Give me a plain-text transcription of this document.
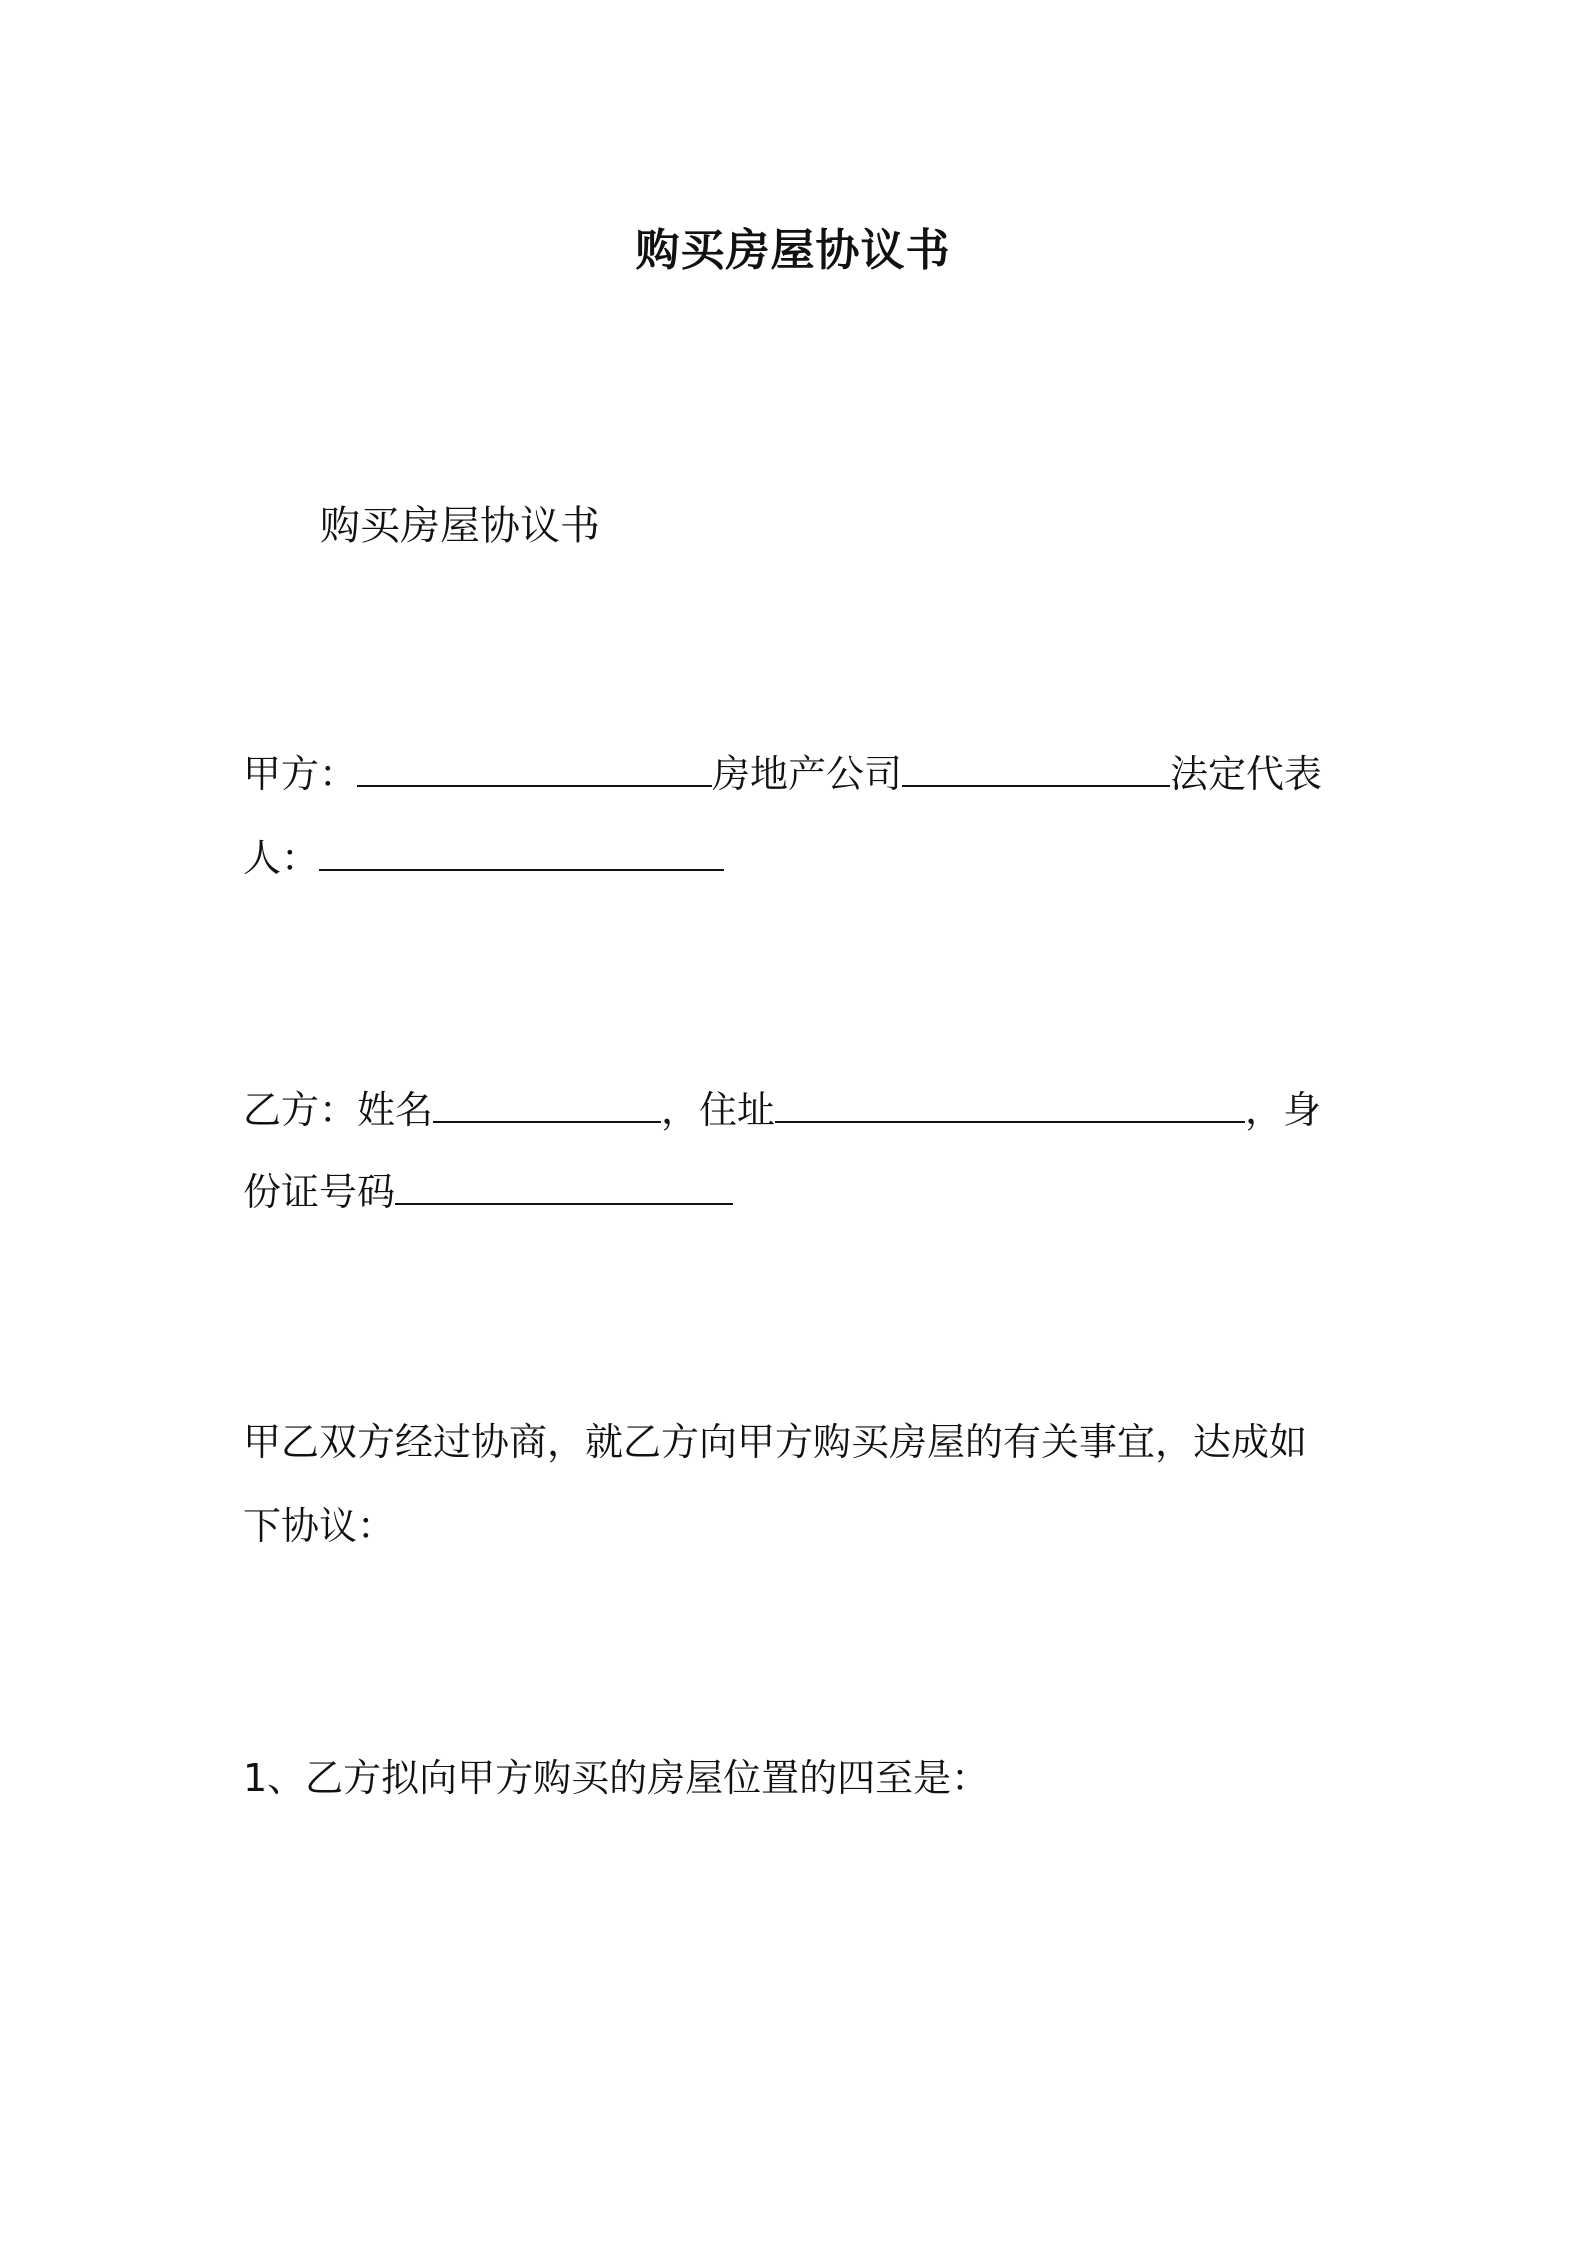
购买房屋协议书
购买房屋协议书
甲方：	房地产公司	法定代表
人：
乙方：姓名	，住址	，身
份证号码
甲乙双方经过协商，就乙方向甲方购买房屋的有关事宜，达成如
下协议：
1、乙方拟向甲方购买的房屋位置的四至是：
